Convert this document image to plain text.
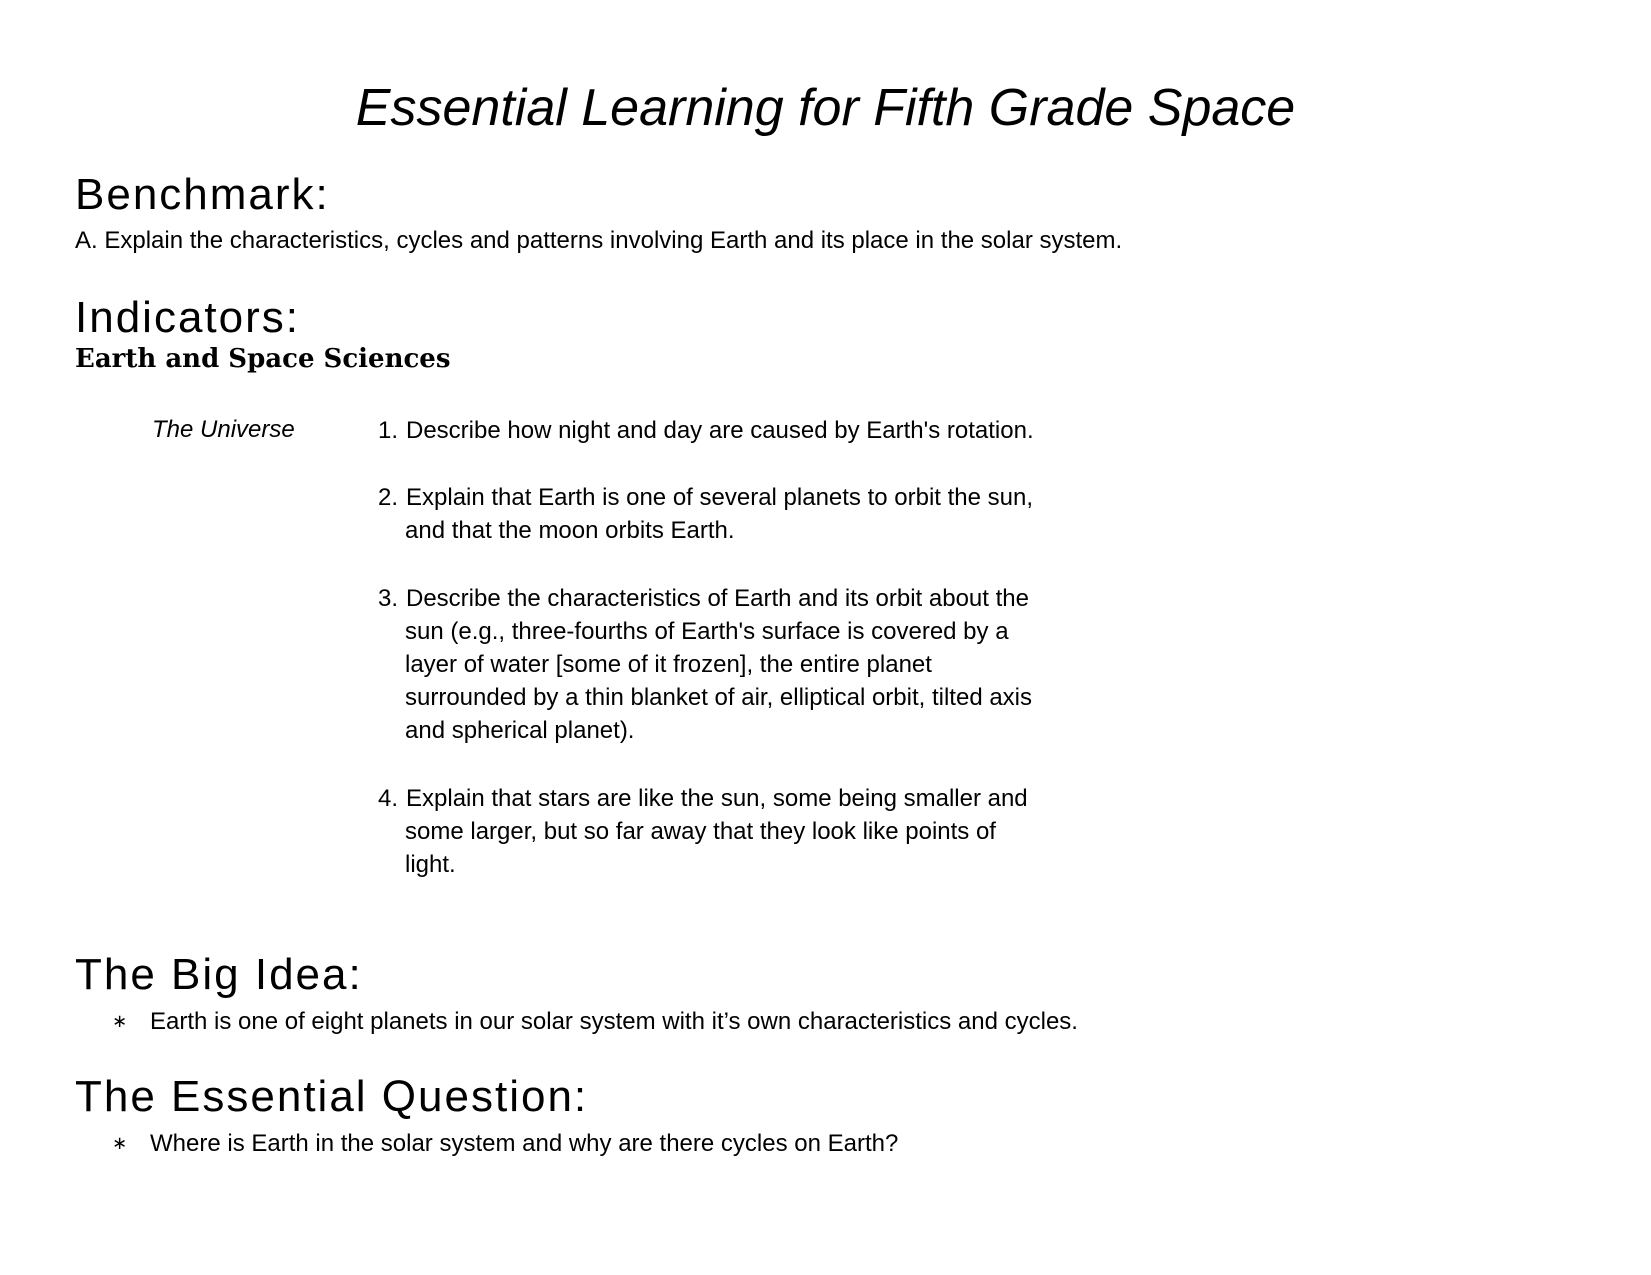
Essential Learning for Fifth Grade Space
Benchmark:
A. Explain the characteristics, cycles and patterns involving Earth and its place in the solar system.
Indicators:
Earth and Space Sciences
The Universe	1. Describe how night and day are caused by Earth's rotation.
2. Explain that Earth is one of several planets to orbit the sun,
and that the moon orbits Earth.
3. Describe the characteristics of Earth and its orbit about the
sun (e.g., three-fourths of Earth's surface is covered by a
layer of water [some of it frozen], the entire planet
surrounded by a thin blanket of air, elliptical orbit, tilted axis
and spherical planet).
4. Explain that stars are like the sun, some being smaller and
some larger, but so far away that they look like points of
light.
The Big Idea:
∗ Earth is one of eight planets in our solar system with it’s own characteristics and cycles.
The Essential Question:
∗ Where is Earth in the solar system and why are there cycles on Earth?
